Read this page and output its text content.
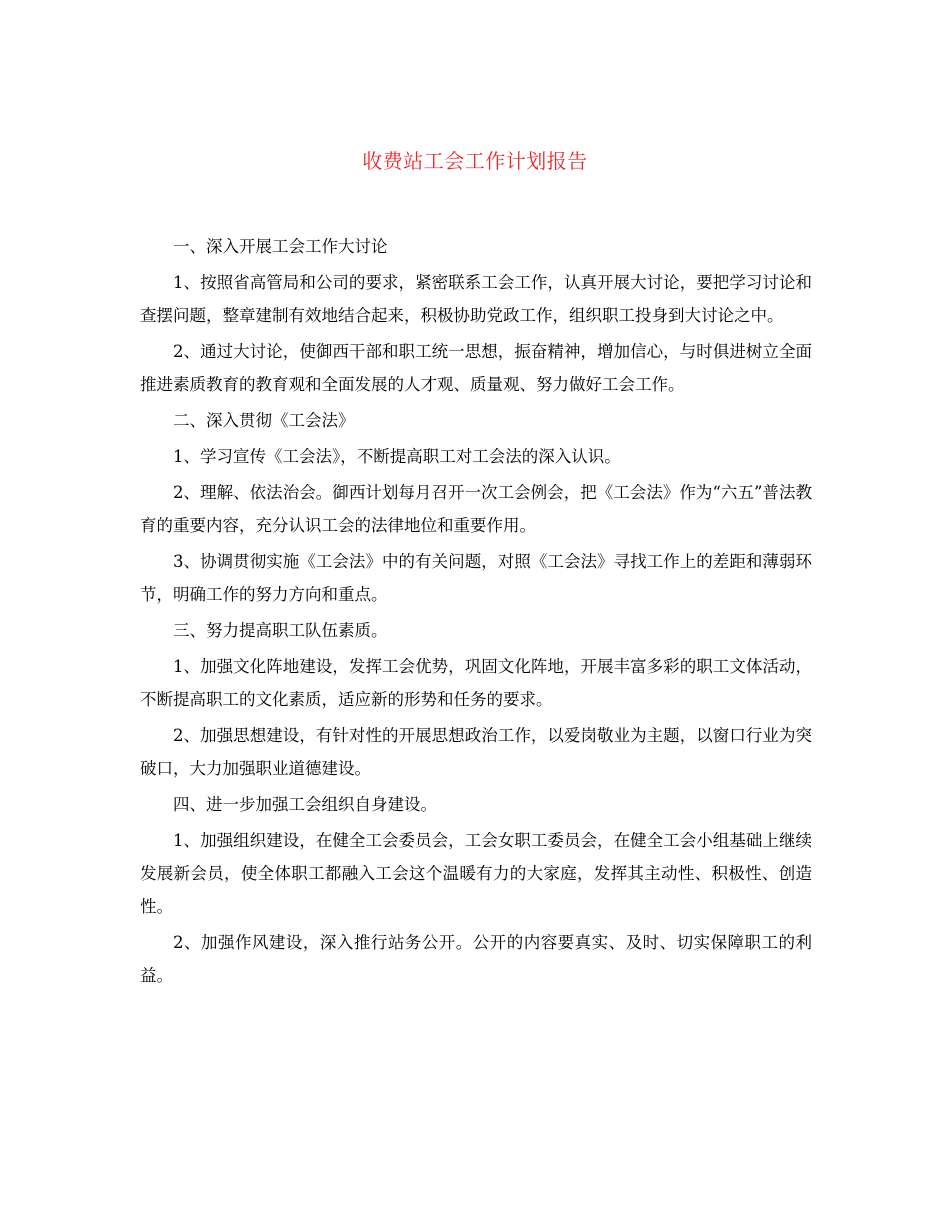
收费站工会工作计划报告

一、深入开展工会工作大讨论

1、按照省高管局和公司的要求，紧密联系工会工作，认真开展大讨论，要把学习讨论和查摆问题，整章建制有效地结合起来，积极协助党政工作，组织职工投身到大讨论之中。

2、通过大讨论，使御西干部和职工统一思想，振奋精神，增加信心，与时俱进树立全面推进素质教育的教育观和全面发展的人才观、质量观、努力做好工会工作。

二、深入贯彻《工会法》

1、学习宣传《工会法》，不断提高职工对工会法的深入认识。

2、理解、依法治会。御西计划每月召开一次工会例会，把《工会法》作为“六五”普法教育的重要内容，充分认识工会的法律地位和重要作用。

3、协调贯彻实施《工会法》中的有关问题，对照《工会法》寻找工作上的差距和薄弱环节，明确工作的努力方向和重点。

三、努力提高职工队伍素质。

1、加强文化阵地建设，发挥工会优势，巩固文化阵地，开展丰富多彩的职工文体活动，不断提高职工的文化素质，适应新的形势和任务的要求。

2、加强思想建设，有针对性的开展思想政治工作，以爱岗敬业为主题，以窗口行业为突破口，大力加强职业道德建设。

四、进一步加强工会组织自身建设。

1、加强组织建设，在健全工会委员会，工会女职工委员会，在健全工会小组基础上继续发展新会员，使全体职工都融入工会这个温暖有力的大家庭，发挥其主动性、积极性、创造性。

2、加强作风建设，深入推行站务公开。公开的内容要真实、及时、切实保障职工的利益。
